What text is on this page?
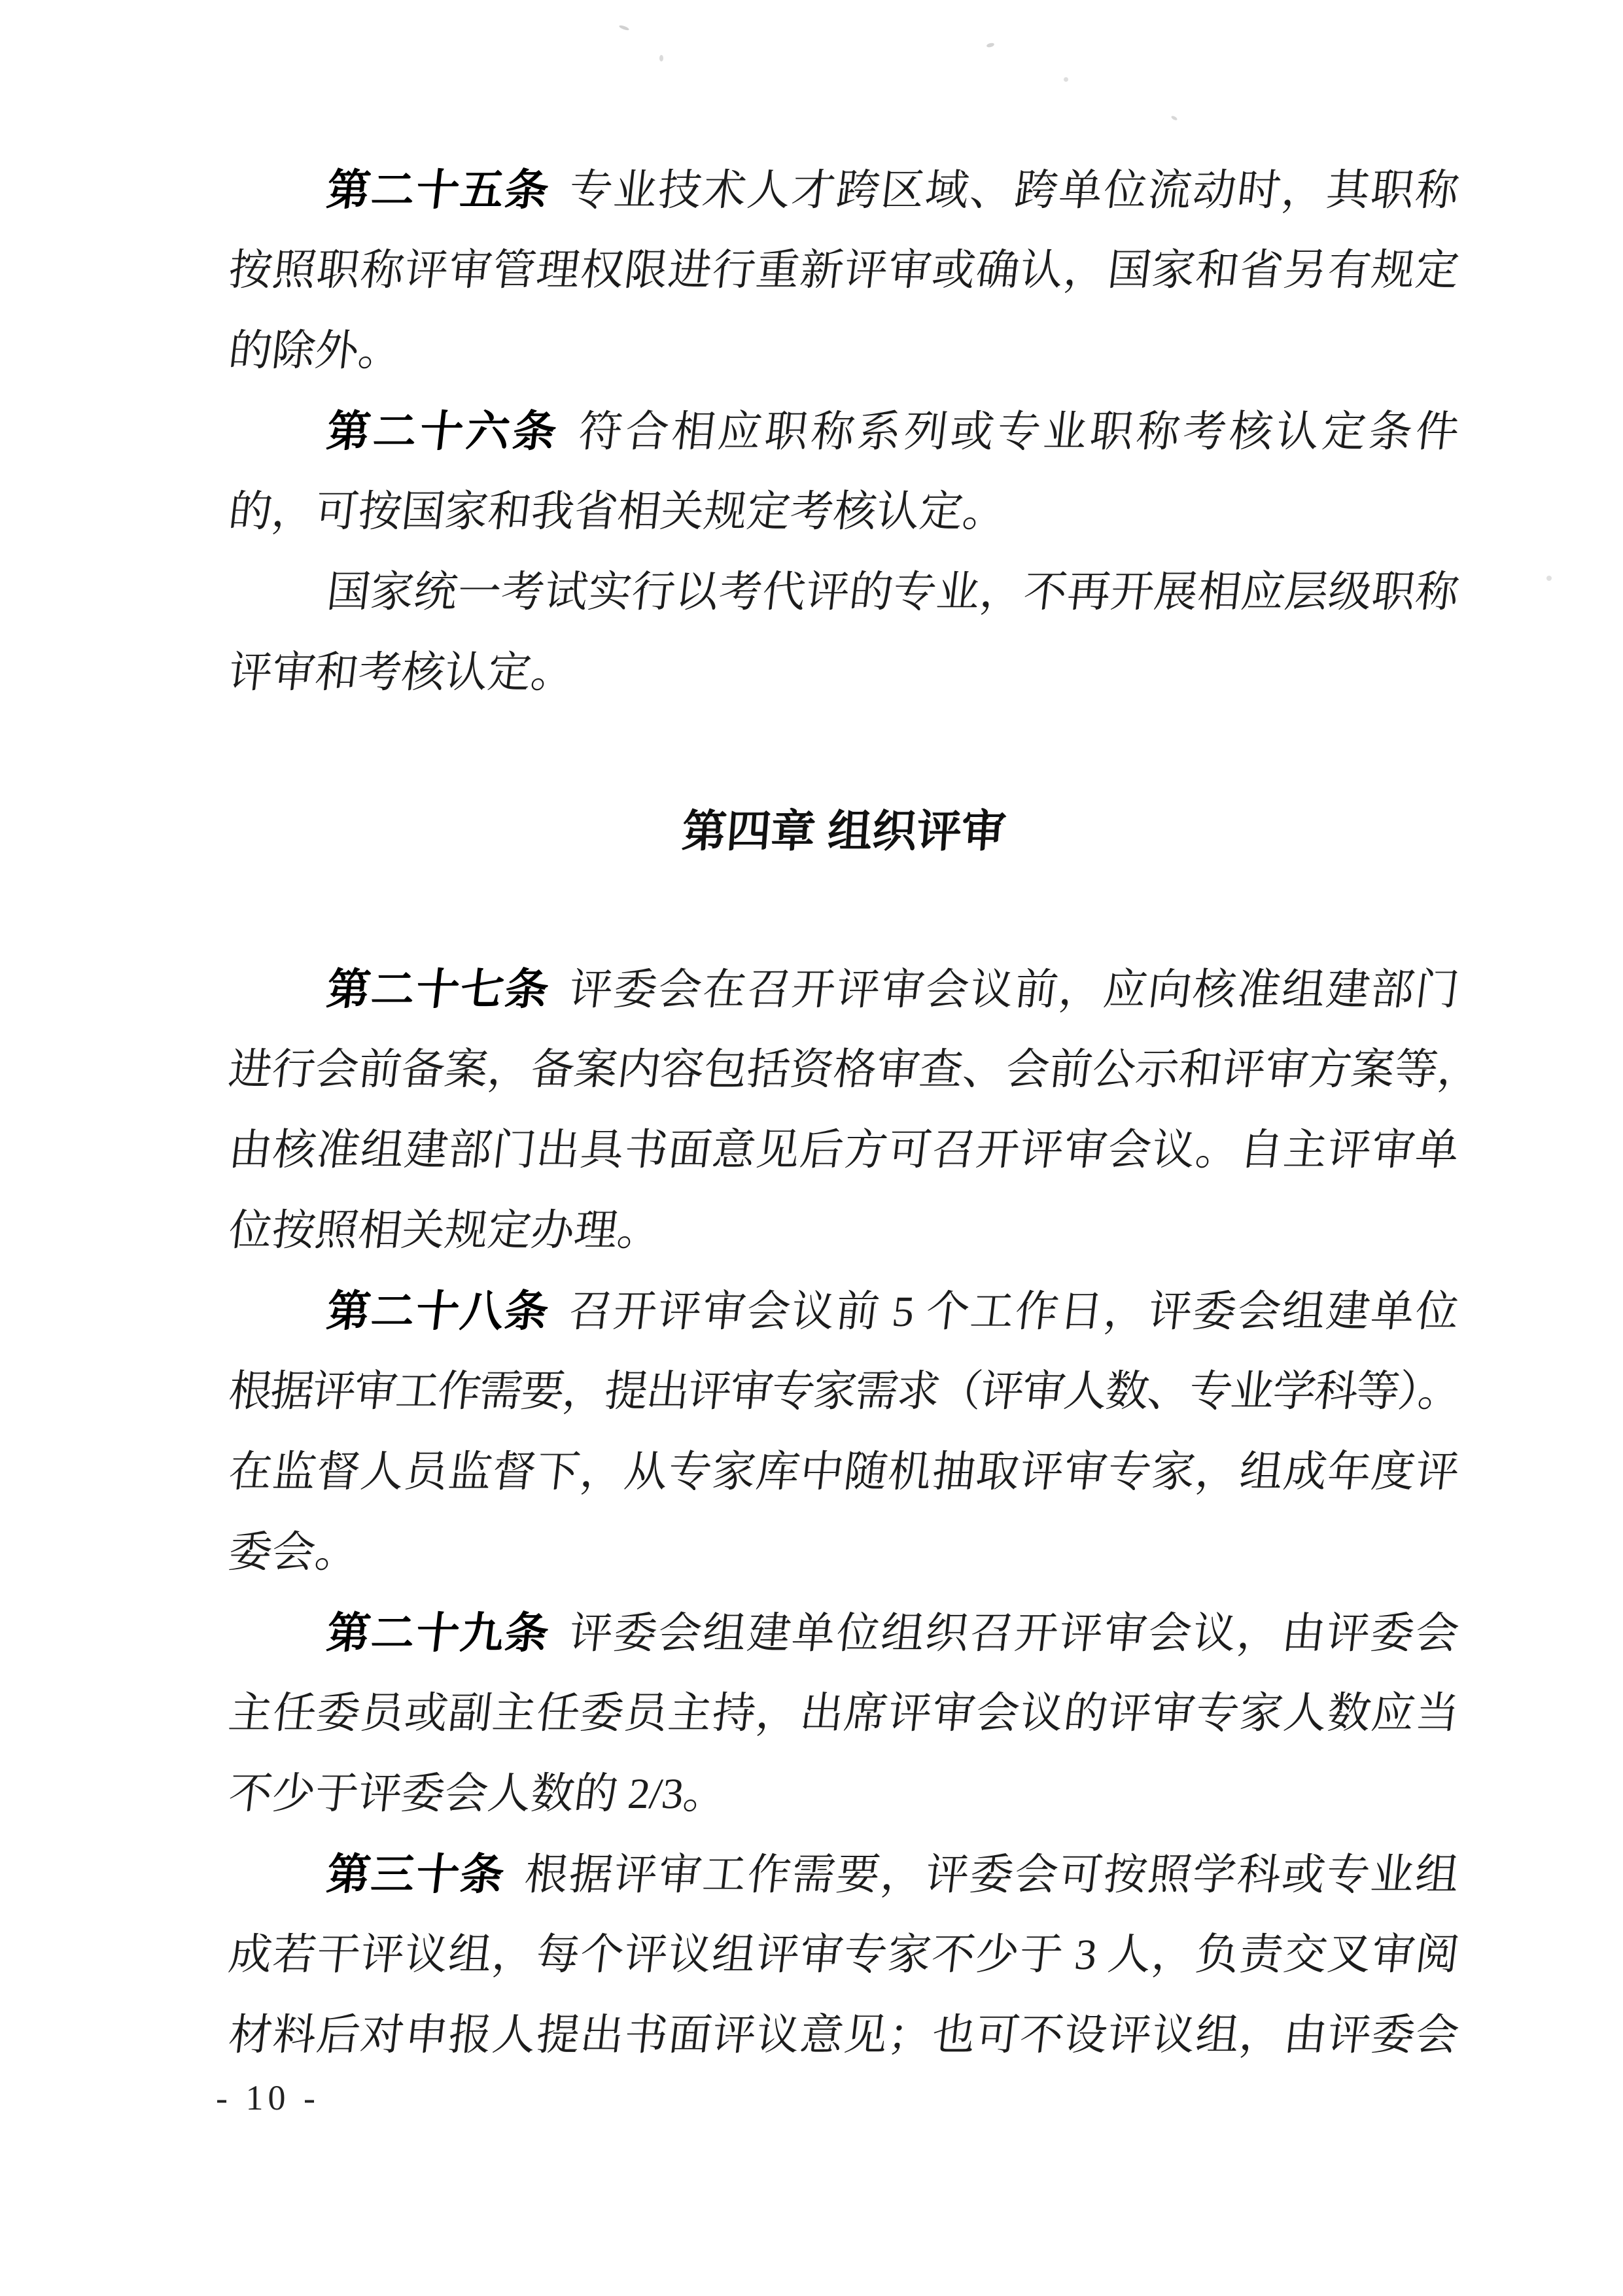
第二十五条 专业技术人才跨区域、跨单位流动时，其职称
按照职称评审管理权限进行重新评审或确认，国家和省另有规定
的除外。
第二十六条 符合相应职称系列或专业职称考核认定条件
的，可按国家和我省相关规定考核认定。
国家统一考试实行以考代评的专业，不再开展相应层级职称
评审和考核认定。
第四章 组织评审
第二十七条 评委会在召开评审会议前，应向核准组建部门
进行会前备案，备案内容包括资格审查、会前公示和评审方案等，
由核准组建部门出具书面意见后方可召开评审会议。自主评审单
位按照相关规定办理。
第二十八条 召开评审会议前 5 个工作日，评委会组建单位
根据评审工作需要，提出评审专家需求（评审人数、专业学科等）。
在监督人员监督下，从专家库中随机抽取评审专家，组成年度评
委会。
第二十九条 评委会组建单位组织召开评审会议，由评委会
主任委员或副主任委员主持，出席评审会议的评审专家人数应当
不少于评委会人数的 2/3。
第三十条 根据评审工作需要，评委会可按照学科或专业组
成若干评议组，每个评议组评审专家不少于 3 人，负责交叉审阅
材料后对申报人提出书面评议意见；也可不设评议组，由评委会
- 10 -
